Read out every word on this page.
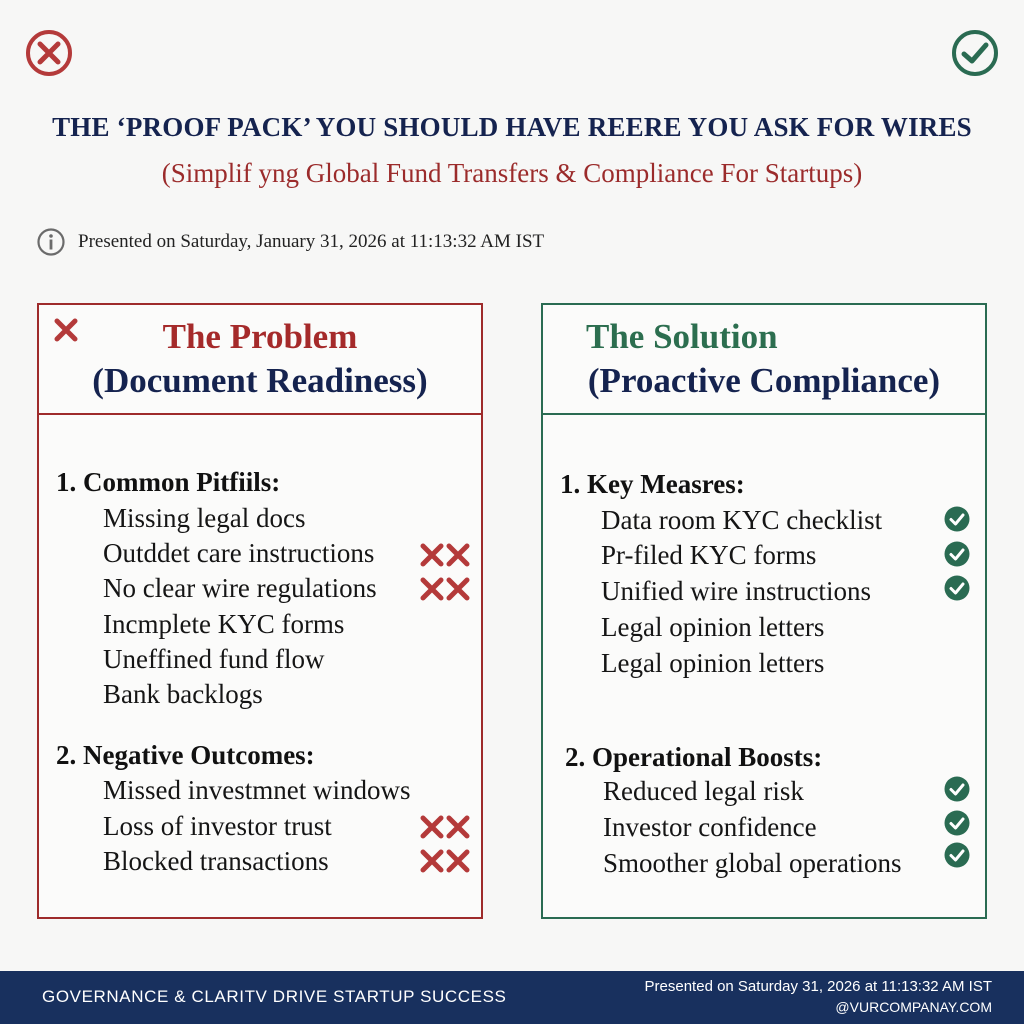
THE ‘PROOF PACK’ YOU SHOULD HAVE REERE YOU ASK FOR WIRES
(Simplif yng Global Fund Transfers & Compliance For Startups)
Presented on Saturday, January 31, 2026 at 11:13:32 AM IST
The Problem
(Document Readiness)
1. Common Pitfiils:
Missing legal docs
Outddet care instructions
No clear wire regulations
Incmplete KYC forms
Uneffined fund flow
Bank backlogs
2. Negative Outcomes:
Missed investmnet windows
Loss of investor trust
Blocked transactions
The Solution
(Proactive Compliance)
1. Key Measres:
Data room KYC checklist
Pr-filed KYC forms
Unified wire instructions
Legal opinion letters
Legal opinion letters
2. Operational Boosts:
Reduced legal risk
Investor confidence
Smoother global operations
GOVERNANCE & CLARITV DRIVE STARTUP SUCCESS
Presented on Saturday 31, 2026 at 11:13:32 AM IST
@VURCOMPANAY.COM
